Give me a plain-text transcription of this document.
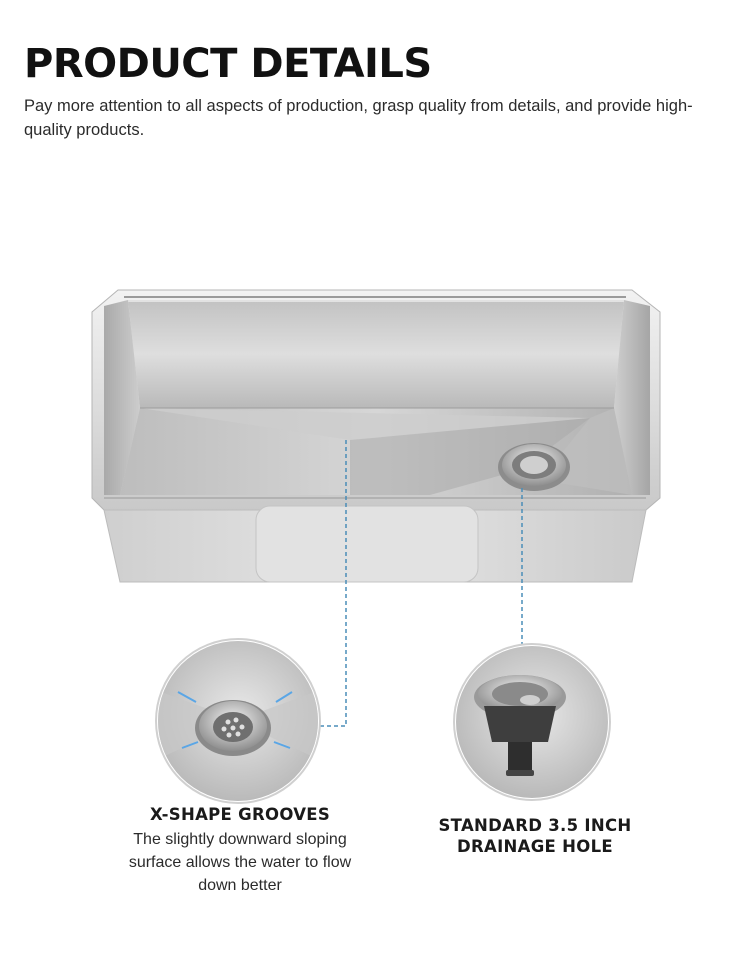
PRODUCT DETAILS

Pay more attention to all aspects of production, grasp quality from details, and provide high-quality products.

X-SHAPE GROOVES
The slightly downward sloping surface allows the water to flow down better
STANDARD 3.5 INCH DRAINAGE HOLE
